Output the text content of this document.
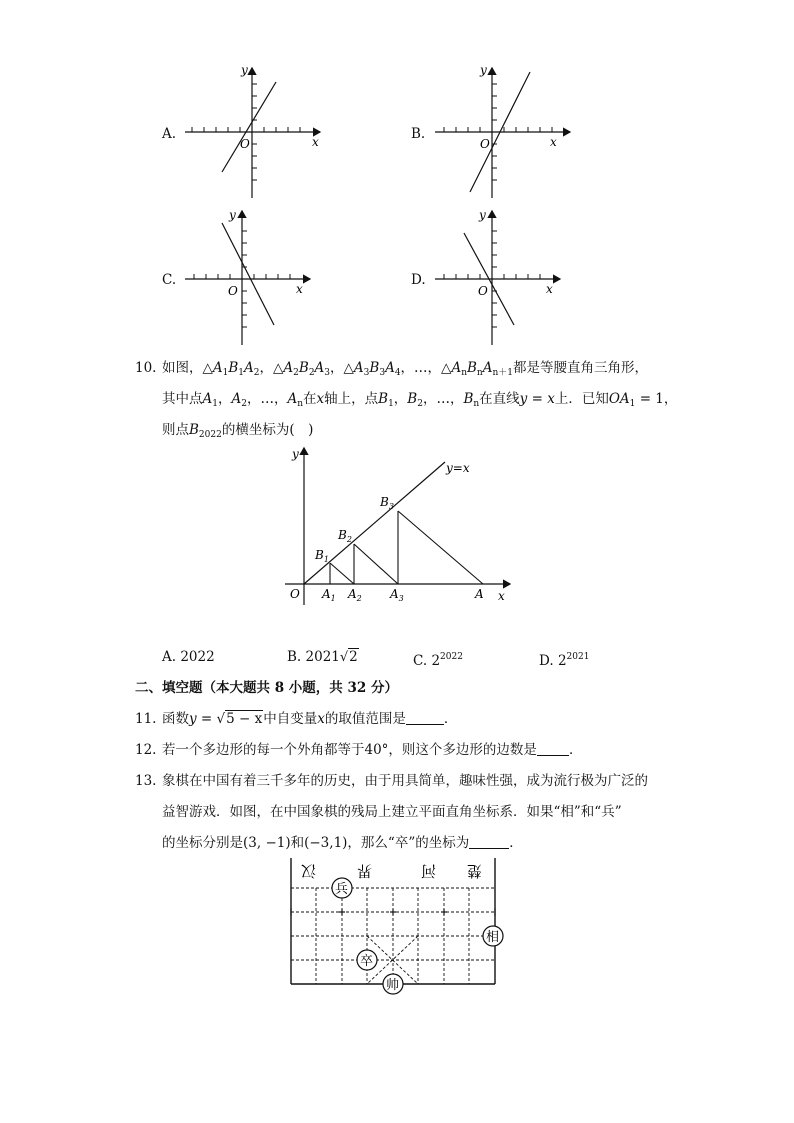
A.
O	x
y
B.
O	x
y
C.
O	x
y
D.
O	x
y
10. 如图，$\triangle A_1B_1A_2$，$\triangle A_2B_2A_3$，$\triangle A_3B_3A_4$，…，$\triangle A_nB_nA_{n+1}$都是等腰直角三角形，
其中点$A_1$，$A_2$，…，$A_n$在x轴上，点$B_1$，$B_2$，…，$B_n$在直线y = x上．已知$OA_1 = 1$，
则点$B_{2022}$的横坐标为(　)
y=x
y
x
O $A_1$ $A_2$ $A_3$	A
$B_1$
$B_2$
$B_3$
A. 2022	B. 2021√2	C. $2^{2022}$	D. $2^{2021}$
二、填空题（本大题共 8 小题，共 32 分）
11. 函数y = √5 − x中自变量x的取值范围是	．
12. 若一个多边形的每一个外角都等于40°，则这个多边形的边数是 ．
13. 象棋在中国有着三千多年的历史，由于用具简单，趣味性强，成为流行极为广泛的
益智游戏．如图，在中国象棋的残局上建立平面直角坐标系．如果“相”和“兵”
的坐标分别是(3, −1)和(−3,1)，那么“卒”的坐标为	．
汉	界	河 楚
兵
相
卒
帅
